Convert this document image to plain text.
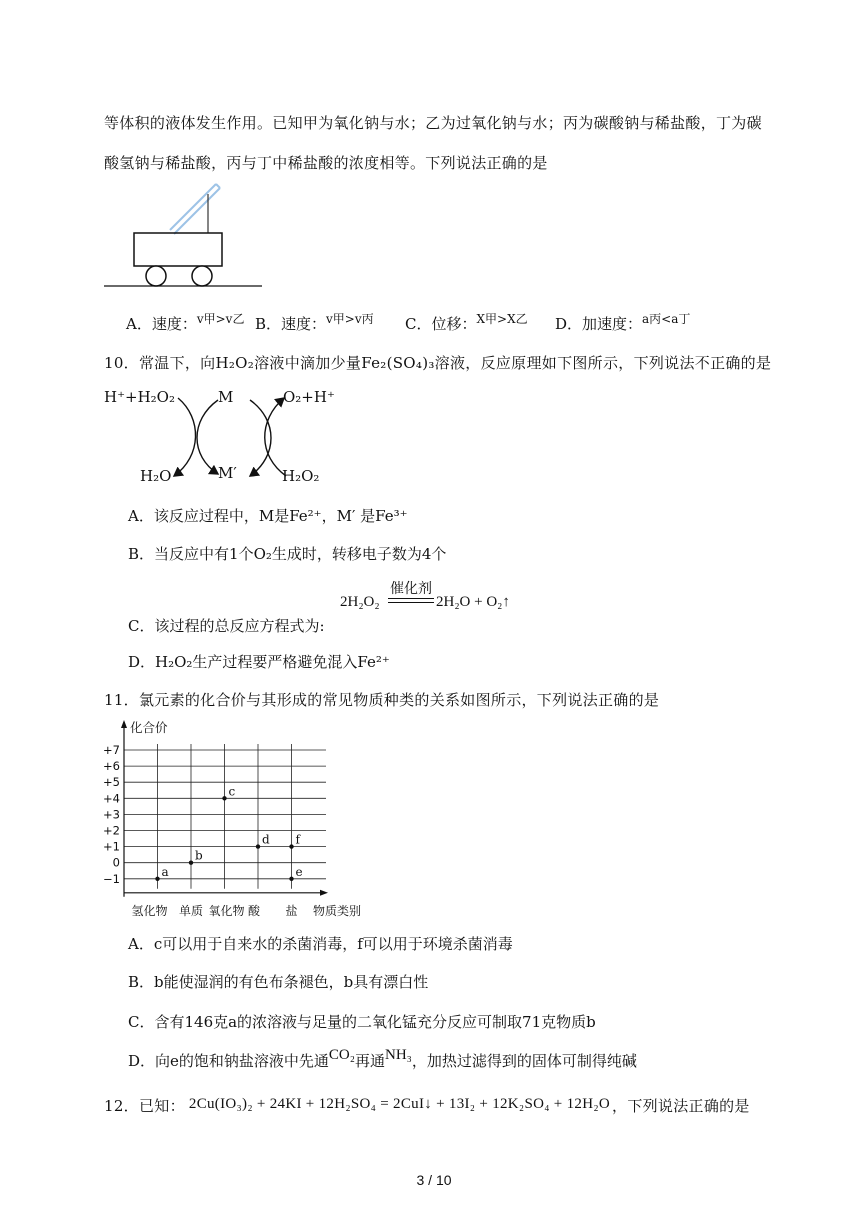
等体积的液体发生作用。已知甲为氧化钠与水；乙为过氧化钠与水；丙为碳酸钠与稀盐酸，丁为碳
酸氢钠与稀盐酸，丙与丁中稀盐酸的浓度相等。下列说法正确的是
A．速度：$^{v甲>v乙}$ B．速度：$^{v甲>v丙}$ C．位移：$^{X甲>X乙}$ D．加速度：$^{a丙<a丁}$
10．常温下，向H₂O₂溶液中滴加少量Fe₂(SO₄)₃溶液，反应原理如下图所示，下列说法不正确的是
H⁺+H₂O₂	M	O₂+H⁺
H₂O	M′	H₂O₂
A．该反应过程中，M是Fe²⁺，M′ 是Fe³⁺
B．当反应中有1个O₂生成时，转移电子数为4个
2H₂O₂
催化剂
2H₂O + O₂↑
C．该过程的总反应方程式为:
D．H₂O₂生产过程要严格避免混入Fe²⁺
11．氯元素的化合价与其形成的常见物质种类的关系如图所示，下列说法正确的是
+7
+6
+5
+4
+3
+2
+1
0
−1
化合价
氢化物 单质 氧化物 酸 盐 物质类别
a
b
c
d f
e
A．c可以用于自来水的杀菌消毒，f可以用于环境杀菌消毒
B．b能使湿润的有色布条褪色，b具有漂白性
C．含有146克a的浓溶液与足量的二氧化锰充分反应可制取71克物质b
D．向e的饱和钠盐溶液中先通CO₂再通NH₃，加热过滤得到的固体可制得纯碱
12．已知： 2Cu(IO₃)₂ + 24KI + 12H₂SO₄ = 2CuI↓ + 13I₂ + 12K₂SO₄ + 12H₂O ，下列说法正确的是
3 / 10
